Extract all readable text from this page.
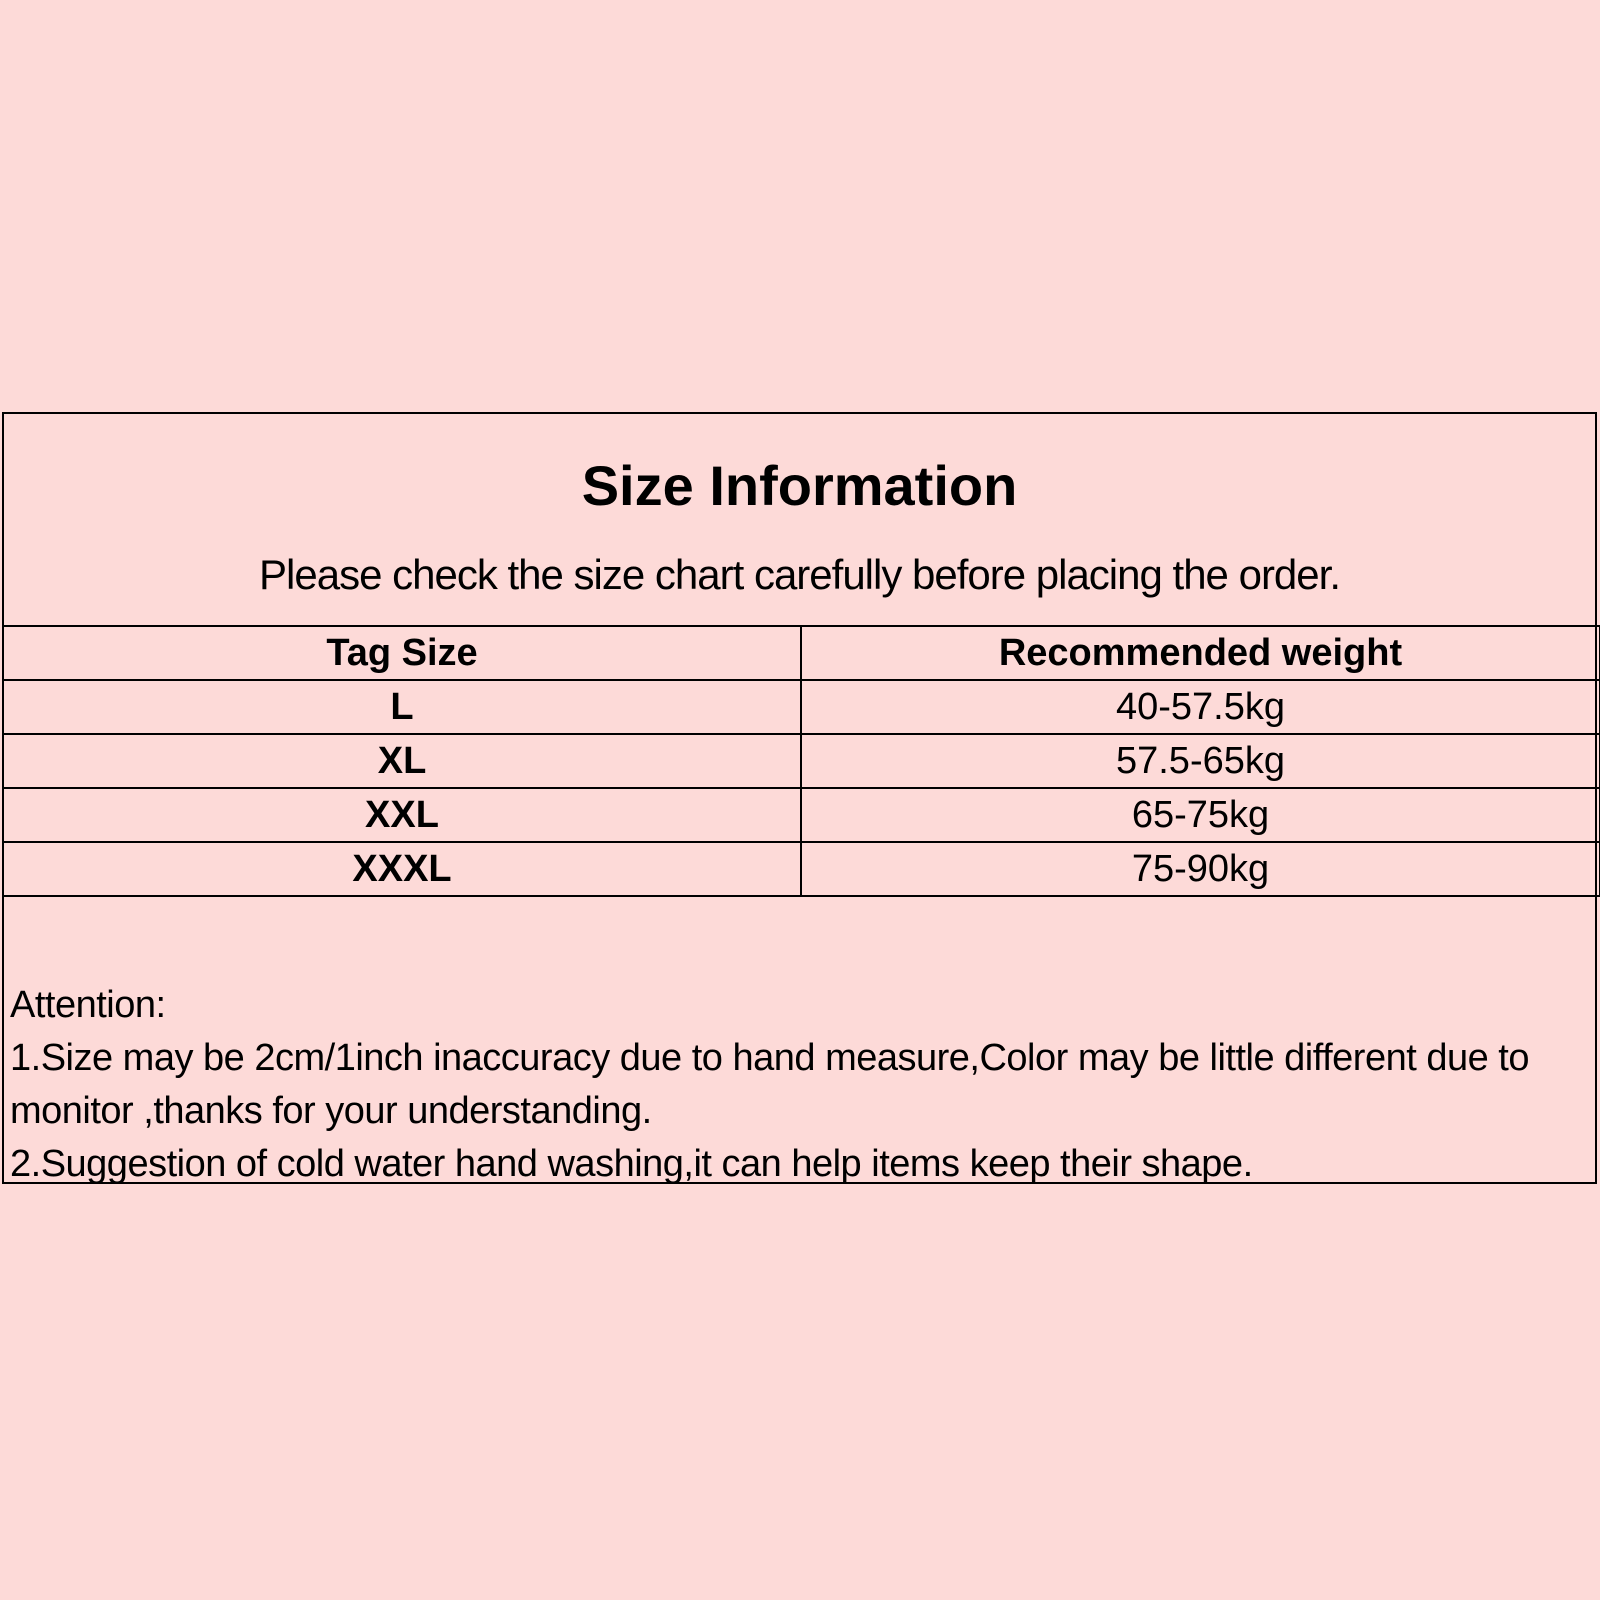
Size Information
Please check the size chart carefully before placing the order.
Tag Size	Recommended weight
L	40-57.5kg
XL	57.5-65kg
XXL	65-75kg
XXXL	75-90kg
Attention:
1.Size may be 2cm/1inch inaccuracy due to hand measure,Color may be little different due to monitor ,thanks for your understanding.
2.Suggestion of cold water hand washing,it can help items keep their shape.
